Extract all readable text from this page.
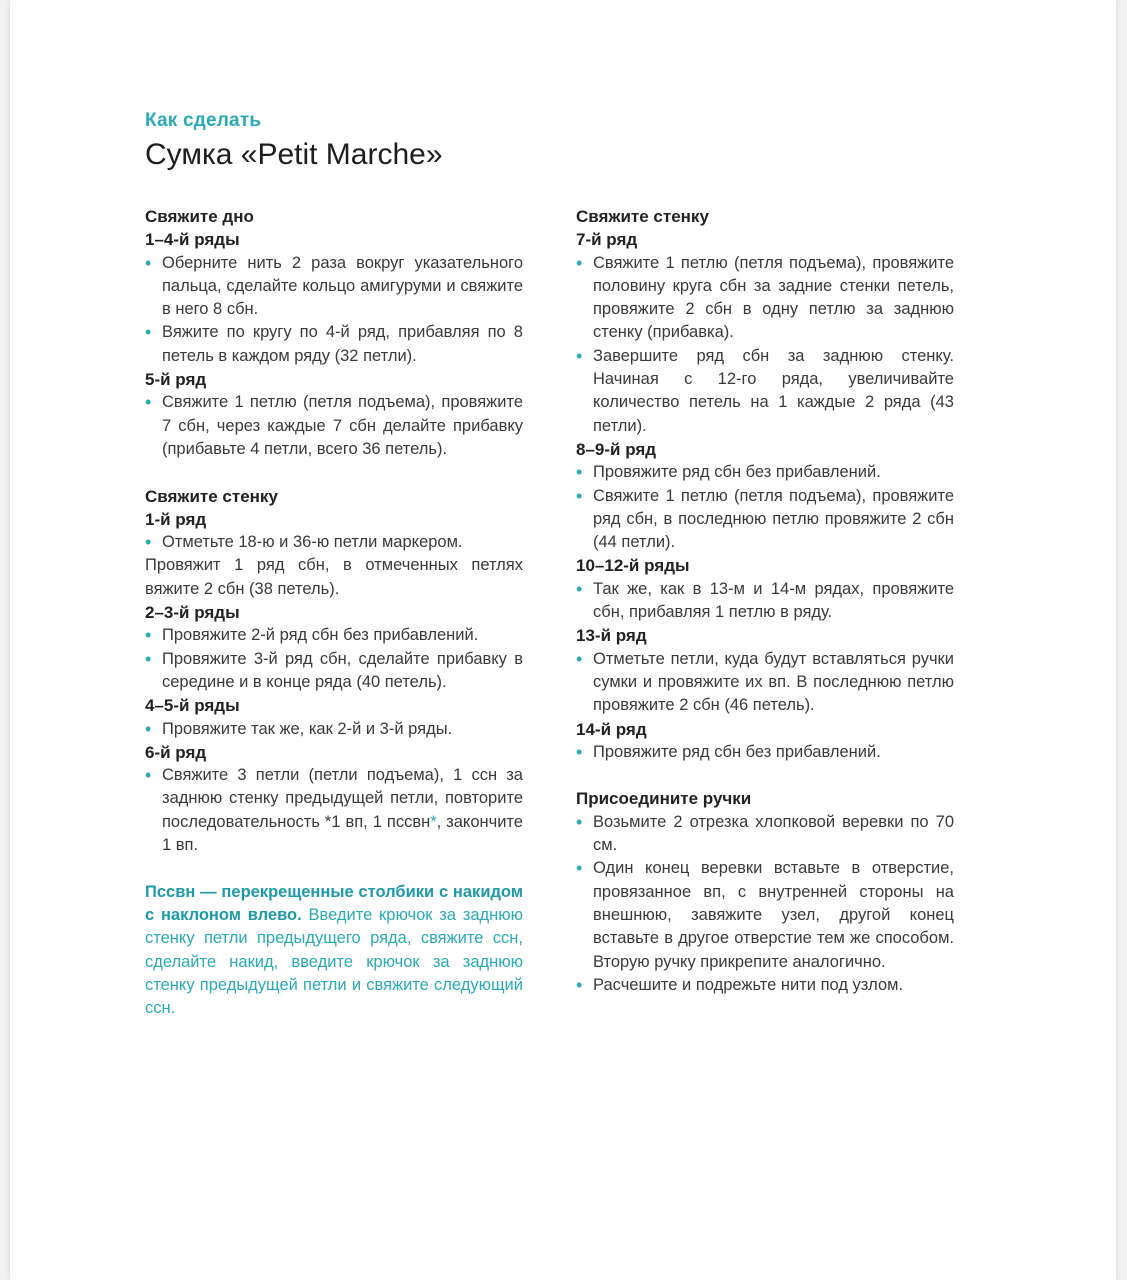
Как сделать
Сумка «Petit Marche»
Свяжите дно
1–4-й ряды
• Оберните нить 2 раза вокруг указательного пальца, сделайте кольцо амигуруми и свяжите в него 8 сбн.
• Вяжите по кругу по 4-й ряд, прибавляя по 8 петель в каждом ряду (32 петли).
5-й ряд
• Свяжите 1 петлю (петля подъема), провяжите 7 сбн, через каждые 7 сбн делайте прибавку (прибавьте 4 петли, всего 36 петель).
Свяжите стенку
1-й ряд
• Отметьте 18-ю и 36-ю петли маркером.
Провяжит 1 ряд сбн, в отмеченных петлях вяжите 2 сбн (38 петель).
2–3-й ряды
• Провяжите 2-й ряд сбн без прибавлений.
• Провяжите 3-й ряд сбн, сделайте прибавку в середине и в конце ряда (40 петель).
4–5-й ряды
• Провяжите так же, как 2-й и 3-й ряды.
6-й ряд
• Свяжите 3 петли (петли подъема), 1 ссн за заднюю стенку предыдущей петли, повторите последовательность *1 вп, 1 пссвн*, закончите 1 вп.
Пссвн — перекрещенные столбики с накидом с наклоном влево. Введите крючок за заднюю стенку петли предыдущего ряда, свяжите ссн, сделайте накид, введите крючок за заднюю стенку предыдущей петли и свяжите следующий ссн.
Свяжите стенку
7-й ряд
• Свяжите 1 петлю (петля подъема), провяжите половину круга сбн за задние стенки петель, провяжите 2 сбн в одну петлю за заднюю стенку (прибавка).
• Завершите ряд сбн за заднюю стенку. Начиная с 12-го ряда, увеличивайте количество петель на 1 каждые 2 ряда (43 петли).
8–9-й ряд
• Провяжите ряд сбн без прибавлений.
• Свяжите 1 петлю (петля подъема), провяжите ряд сбн, в последнюю петлю провяжите 2 сбн (44 петли).
10–12-й ряды
• Так же, как в 13-м и 14-м рядах, провяжите сбн, прибавляя 1 петлю в ряду.
13-й ряд
• Отметьте петли, куда будут вставляться ручки сумки и провяжите их вп. В последнюю петлю провяжите 2 сбн (46 петель).
14-й ряд
• Провяжите ряд сбн без прибавлений.
Присоедините ручки
• Возьмите 2 отрезка хлопковой веревки по 70 см.
• Один конец веревки вставьте в отверстие, провязанное вп, с внутренней стороны на внешнюю, завяжите узел, другой конец вставьте в другое отверстие тем же способом. Вторую ручку прикрепите аналогично.
• Расчешите и подрежьте нити под узлом.
